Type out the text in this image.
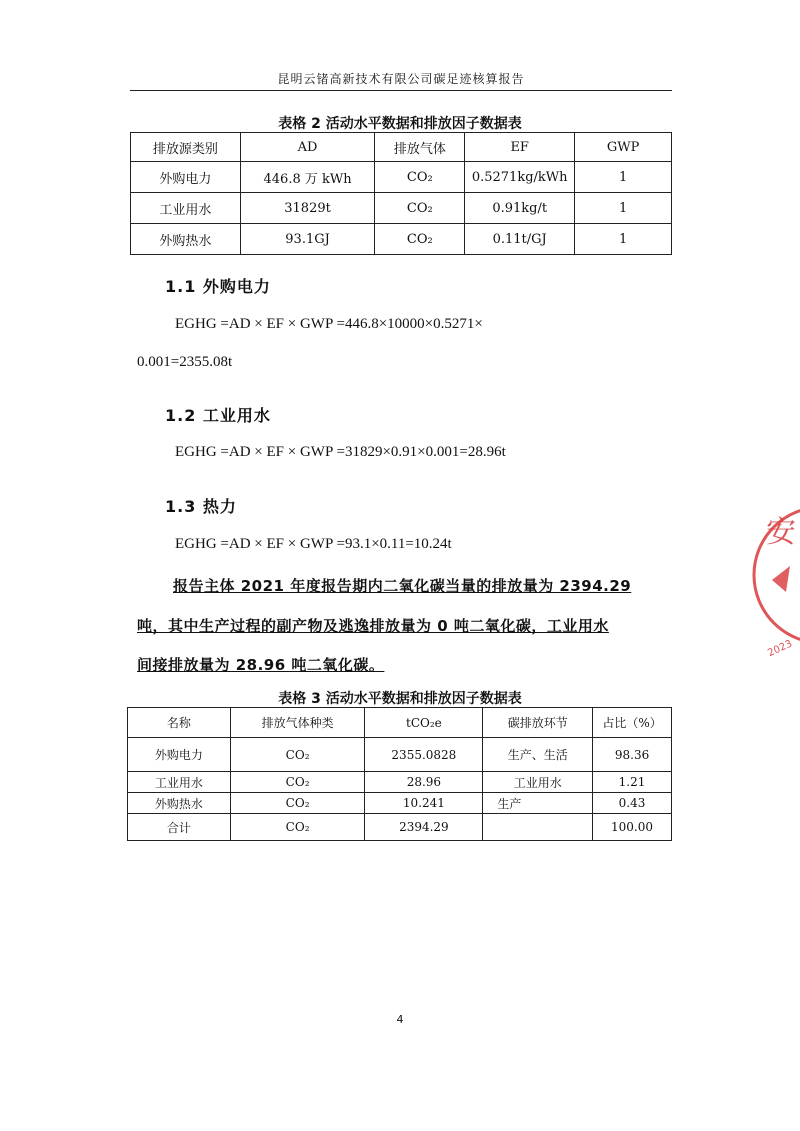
昆明云锗高新技术有限公司碳足迹核算报告
表格 2 活动水平数据和排放因子数据表
排放源类别	AD	排放气体	EF	GWP
外购电力	446.8 万 kWh	CO₂	0.5271kg/kWh	1
工业用水	31829t	CO₂	0.91kg/t	1
外购热水	93.1GJ	CO₂	0.11t/GJ	1
1.1 外购电力
EGHG =AD × EF × GWP =446.8×10000×0.5271×
0.001=2355.08t
1.2 工业用水
EGHG =AD × EF × GWP =31829×0.91×0.001=28.96t
1.3 热力
EGHG =AD × EF × GWP =93.1×0.11=10.24t
报告主体 2021 年度报告期内二氧化碳当量的排放量为 2394.29
吨，其中生产过程的副产物及逃逸排放量为 0 吨二氧化碳，工业用水
间接排放量为 28.96 吨二氧化碳。
表格 3 活动水平数据和排放因子数据表
名称	排放气体种类	tCO₂e	碳排放环节	占比（%）
外购电力	CO₂	2355.0828	生产、生活	98.36
工业用水	CO₂	28.96	工业用水	1.21
外购热水	CO₂	10.241	生产	0.43
合计	CO₂	2394.29		100.00
安
2023
4
